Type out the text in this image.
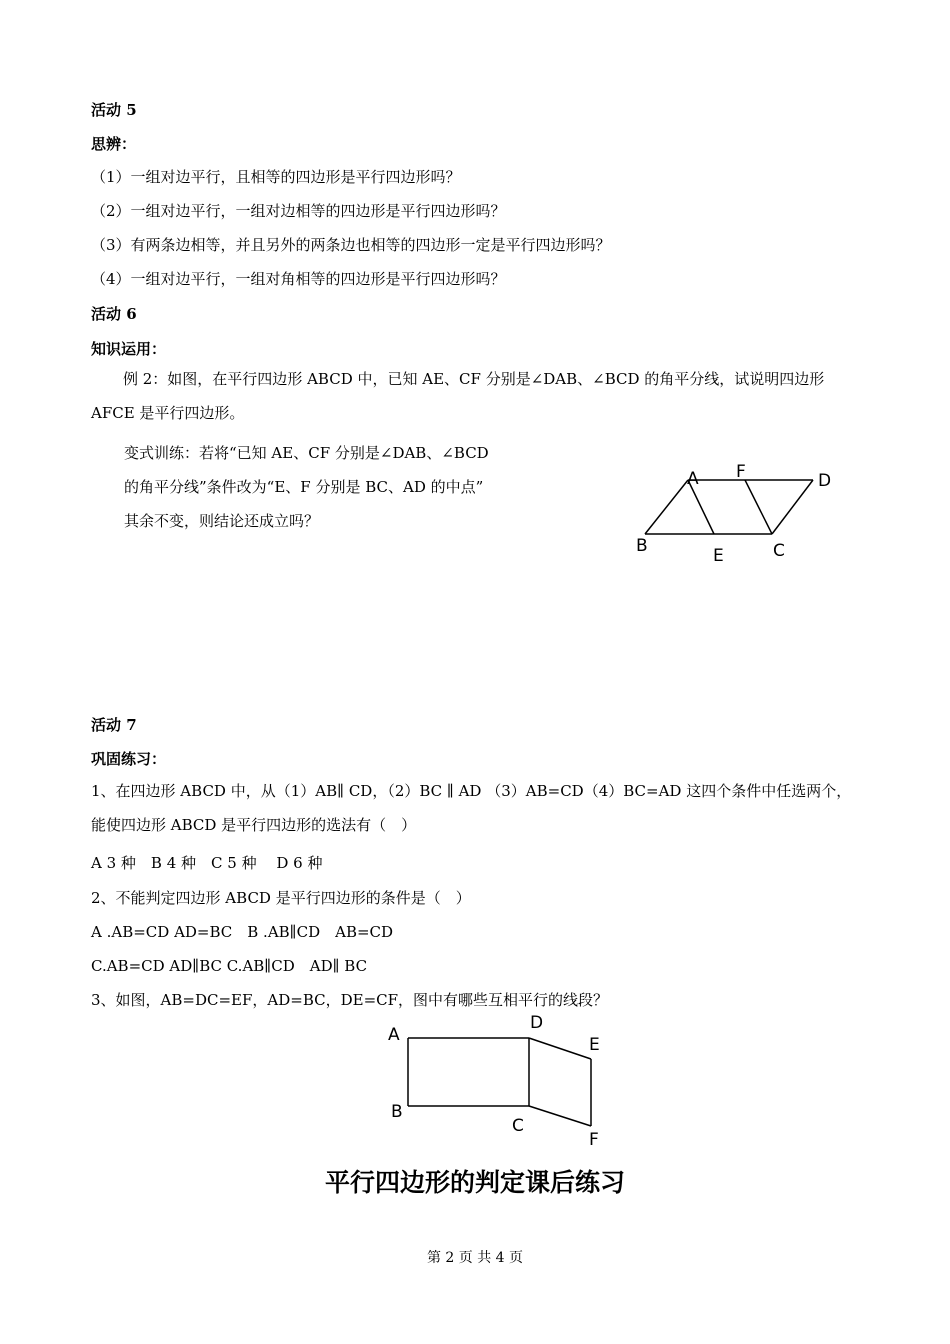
活动 5
思辨：
（1）一组对边平行，且相等的四边形是平行四边形吗？
（2）一组对边平行，一组对边相等的四边形是平行四边形吗？
（3）有两条边相等，并且另外的两条边也相等的四边形一定是平行四边形吗？
（4）一组对边平行，一组对角相等的四边形是平行四边形吗？
活动 6
知识运用：
例 2：如图，在平行四边形 ABCD 中，已知 AE、CF 分别是∠DAB、∠BCD 的角平分线，试说明四边形 AFCE 是平行四边形。
变式训练：若将“已知 AE、CF 分别是∠DAB、∠BCD
的角平分线”条件改为“E、F 分别是 BC、AD 的中点”
其余不变，则结论还成立吗？
A F	D
B	E	C
活动 7
巩固练习：
1、在四边形 ABCD 中，从（1）AB∥ CD，（2）BC ∥ AD （3）AB=CD（4）BC=AD 这四个条件中任选两个，能使四边形 ABCD 是平行四边形的选法有（　）
A 3 种　B 4 种　C 5 种　 D 6 种
2、不能判定四边形 ABCD 是平行四边形的条件是（　）
A .AB=CD AD=BC　B .AB∥CD　AB=CD
C.AB=CD AD∥BC C.AB∥CD　AD∥ BC
3、如图，AB=DC=EF，AD=BC，DE=CF，图中有哪些互相平行的线段？
A
D
E
B
C
F
平行四边形的判定课后练习
第 2 页 共 4 页
